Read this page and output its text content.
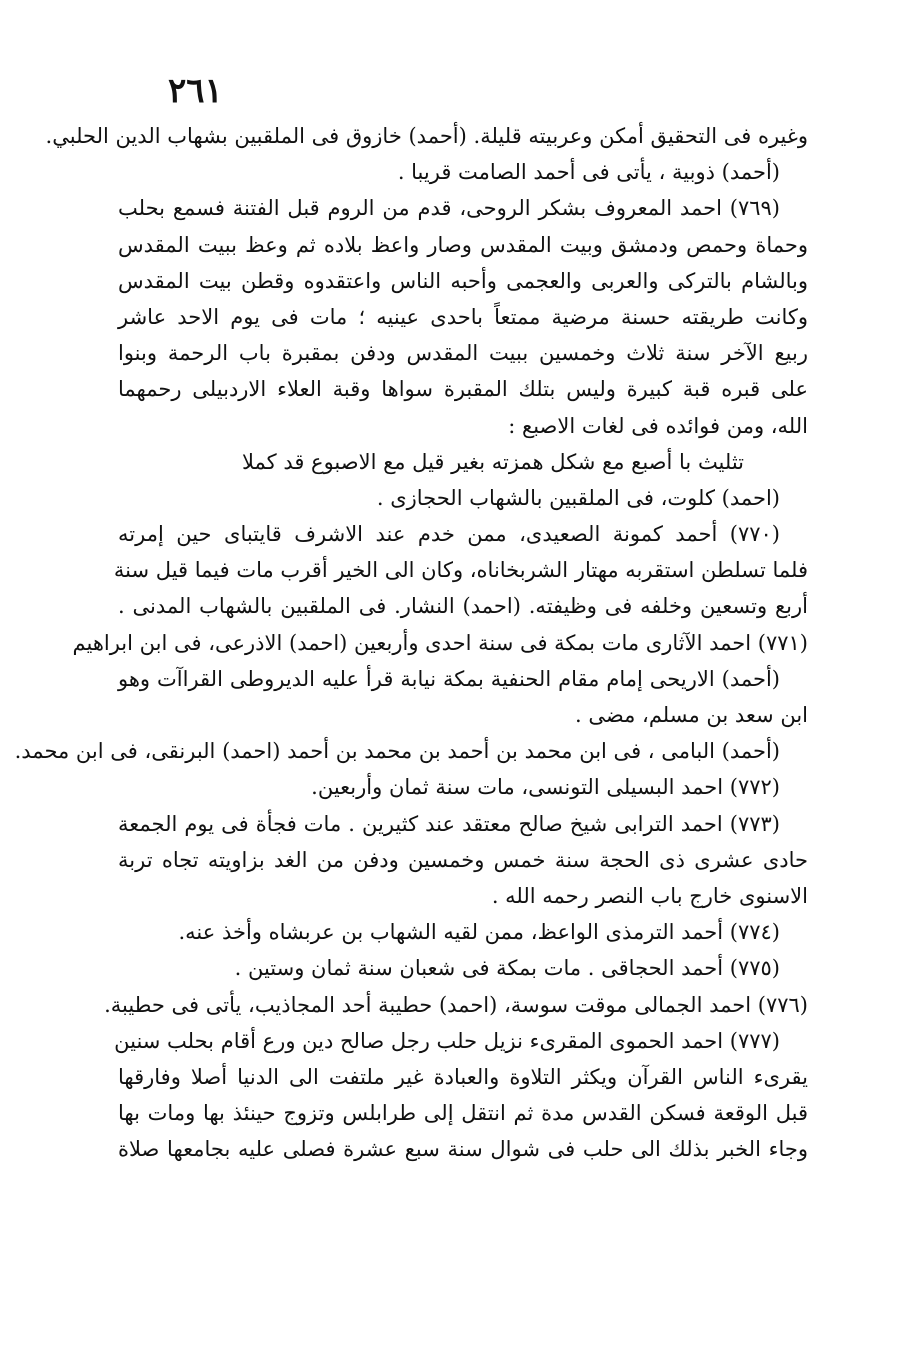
٢٦١
وغيره فى التحقيق أمكن وعربيته قليلة. (أحمد) خازوق فى الملقبين بشهاب الدين الحلبي.
(أحمد) ذوبية ، يأتى فى أحمد الصامت قريبا .
(٧٦٩) احمد المعروف بشكر الروحى، قدم من الروم قبل الفتنة فسمع بحلب
وحماة وحمص ودمشق وبيت المقدس وصار واعظ بلاده ثم وعظ ببيت المقدس
وبالشام بالتركى والعربى والعجمى وأحبه الناس واعتقدوه وقطن بيت المقدس
وكانت طريقته حسنة مرضية ممتعاً باحدى عينيه ؛ مات فى يوم الاحد عاشر
ربيع الآخر سنة ثلاث وخمسين ببيت المقدس ودفن بمقبرة باب الرحمة وبنوا
على قبره قبة كبيرة وليس بتلك المقبرة سواها وقبة العلاء الاردبيلى رحمهما
الله، ومن فوائده فى لغات الاصبع :
تثليث با أصبع مع شكل همزته بغير قيل مع الاصبوع قد كملا
(احمد) كلوت، فى الملقبين بالشهاب الحجازى .
(٧٧٠) أحمد كمونة الصعيدى، ممن خدم عند الاشرف قايتباى حين إمرته
فلما تسلطن استقربه مهتار الشربخاناه، وكان الى الخير أقرب مات فيما قيل سنة
أربع وتسعين وخلفه فى وظيفته. (احمد) النشار. فى الملقبين بالشهاب المدنى .
(٧٧١) احمد الآثارى مات بمكة فى سنة احدى وأربعين (احمد) الاذرعى، فى ابن ابراهيم
(أحمد) الاريحى إمام مقام الحنفية بمكة نيابة قرأ عليه الديروطى القراآت وهو
ابن سعد بن مسلم، مضى .
(أحمد) البامى ، فى ابن محمد بن أحمد بن محمد بن أحمد (احمد) البرنقى، فى ابن محمد.
(٧٧٢) احمد البسيلى التونسى، مات سنة ثمان وأربعين.
(٧٧٣) احمد الترابى شيخ صالح معتقد عند كثيرين . مات فجأة فى يوم الجمعة
حادى عشرى ذى الحجة سنة خمس وخمسين ودفن من الغد بزاويته تجاه تربة
الاسنوى خارج باب النصر رحمه الله .
(٧٧٤) أحمد الترمذى الواعظ، ممن لقيه الشهاب بن عربشاه وأخذ عنه.
(٧٧٥) أحمد الحجاقى . مات بمكة فى شعبان سنة ثمان وستين .
(٧٧٦) احمد الجمالى موقت سوسة، (احمد) حطيبة أحد المجاذيب، يأتى فى حطيبة.
(٧٧٧) احمد الحموى المقرىء نزيل حلب رجل صالح دين ورع أقام بحلب سنين
يقرىء الناس القرآن ويكثر التلاوة والعبادة غير ملتفت الى الدنيا أصلا وفارقها
قبل الوقعة فسكن القدس مدة ثم انتقل إلى طرابلس وتزوج حينئذ بها ومات بها
وجاء الخبر بذلك الى حلب فى شوال سنة سبع عشرة فصلى عليه بجامعها صلاة
